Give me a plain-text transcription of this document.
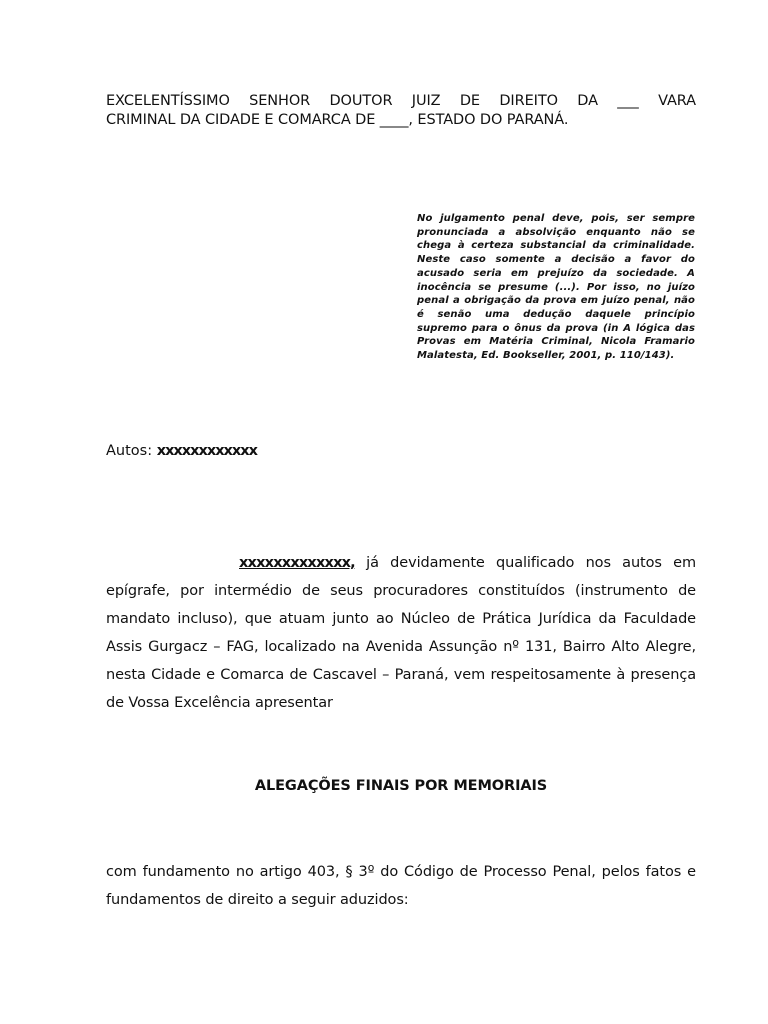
EXCELENTÍSSIMO SENHOR DOUTOR JUIZ DE DIREITO DA ___ VARA
CRIMINAL DA CIDADE E COMARCA DE ____, ESTADO DO PARANÁ.
No julgamento penal deve, pois, ser sempre pronunciada a absolvição enquanto não se chega à certeza substancial da criminalidade. Neste caso somente a decisão a favor do acusado seria em prejuízo da sociedade. A inocência se presume (...). Por isso, no juízo penal a obrigação da prova em juízo penal, não é senão uma dedução daquele princípio supremo para o ônus da prova (in A lógica das Provas em Matéria Criminal, Nicola Framario Malatesta, Ed. Bookseller, 2001, p. 110/143).
Autos: xxxxxxxxxxxx
xxxxxxxxxxxxx, já devidamente qualificado nos autos em epígrafe, por intermédio de seus procuradores constituídos (instrumento de mandato incluso), que atuam junto ao Núcleo de Prática Jurídica da Faculdade Assis Gurgacz – FAG, localizado na Avenida Assunção nº 131, Bairro Alto Alegre, nesta Cidade e Comarca de Cascavel – Paraná, vem respeitosamente à presença de Vossa Excelência apresentar
ALEGAÇÕES FINAIS POR MEMORIAIS
com fundamento no artigo 403, § 3º do Código de Processo Penal, pelos fatos e fundamentos de direito a seguir aduzidos:
